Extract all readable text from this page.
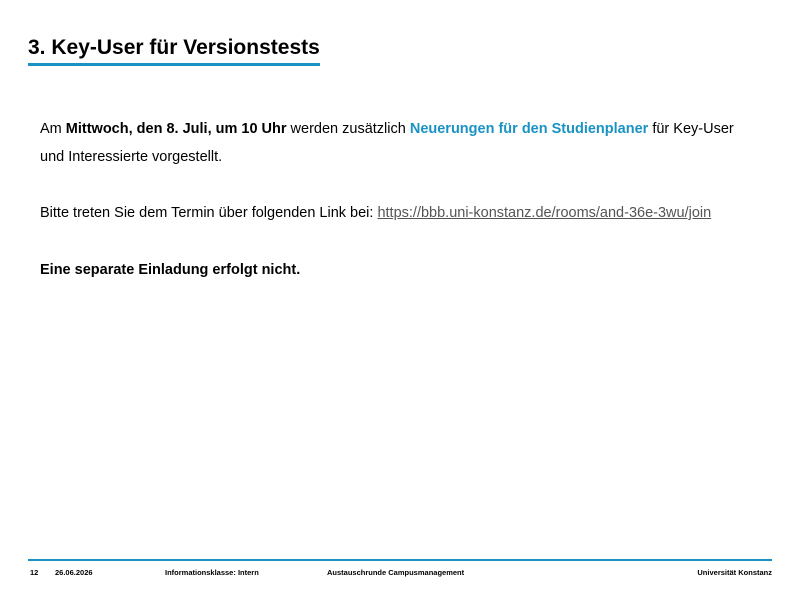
3. Key-User für Versionstests

Am Mittwoch, den 8. Juli, um 10 Uhr werden zusätzlich Neuerungen für den Studienplaner für Key-User und Interessierte vorgestellt.

Bitte treten Sie dem Termin über folgenden Link bei: https://bbb.uni-konstanz.de/rooms/and-36e-3wu/join

Eine separate Einladung erfolgt nicht.

12 26.06.2026	Informationsklasse: Intern	Austauschrunde Campusmanagement	Universität Konstanz
